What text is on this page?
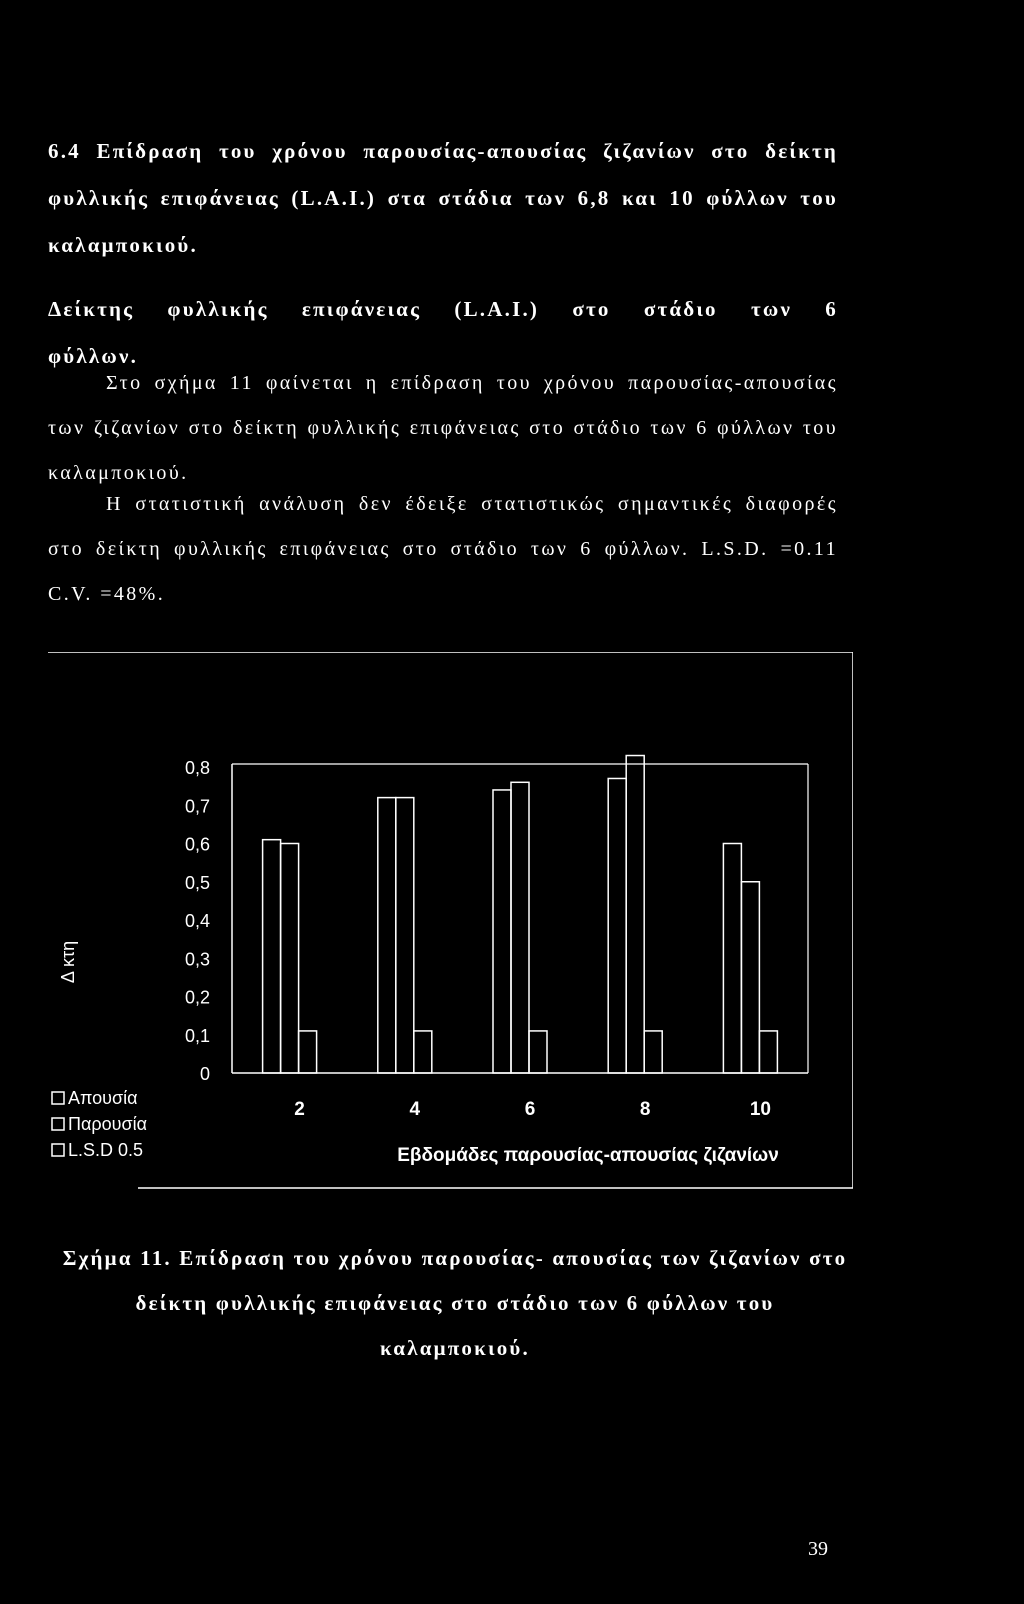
6.4 Επίδραση του χρόνου παρουσίας-απουσίας ζιζανίων στο δείκτη φυλλικής επιφάνειας (L.A.I.) στα στάδια των 6,8 και 10 φύλλων του καλαμποκιού.
Δείκτης φυλλικής επιφάνειας (L.A.I.) στο στάδιο των 6
φύλλων.
Στο σχήμα 11 φαίνεται η επίδραση του χρόνου παρουσίας-απουσίας των ζιζανίων στο δείκτη φυλλικής επιφάνειας στο στάδιο των 6 φύλλων του καλαμποκιού.
Η στατιστική ανάλυση δεν έδειξε στατιστικώς σημαντικές διαφορές στο δείκτη φυλλικής επιφάνειας στο στάδιο των 6 φύλλων. L.S.D. =0.11 C.V. =48%.
0
0,1
0,2
0,3
0,4
0,5
0,6
0,7
0,8
2	4	6	8	10
Δ κτη
Εβδομάδες παρουσίας-απουσίας ζιζανίων
Απουσία
Παρουσία
L.S.D 0.5
Σχήμα 11. Επίδραση του χρόνου παρουσίας- απουσίας των ζιζανίων στο δείκτη φυλλικής επιφάνειας στο στάδιο των 6 φύλλων του καλαμποκιού.
39
